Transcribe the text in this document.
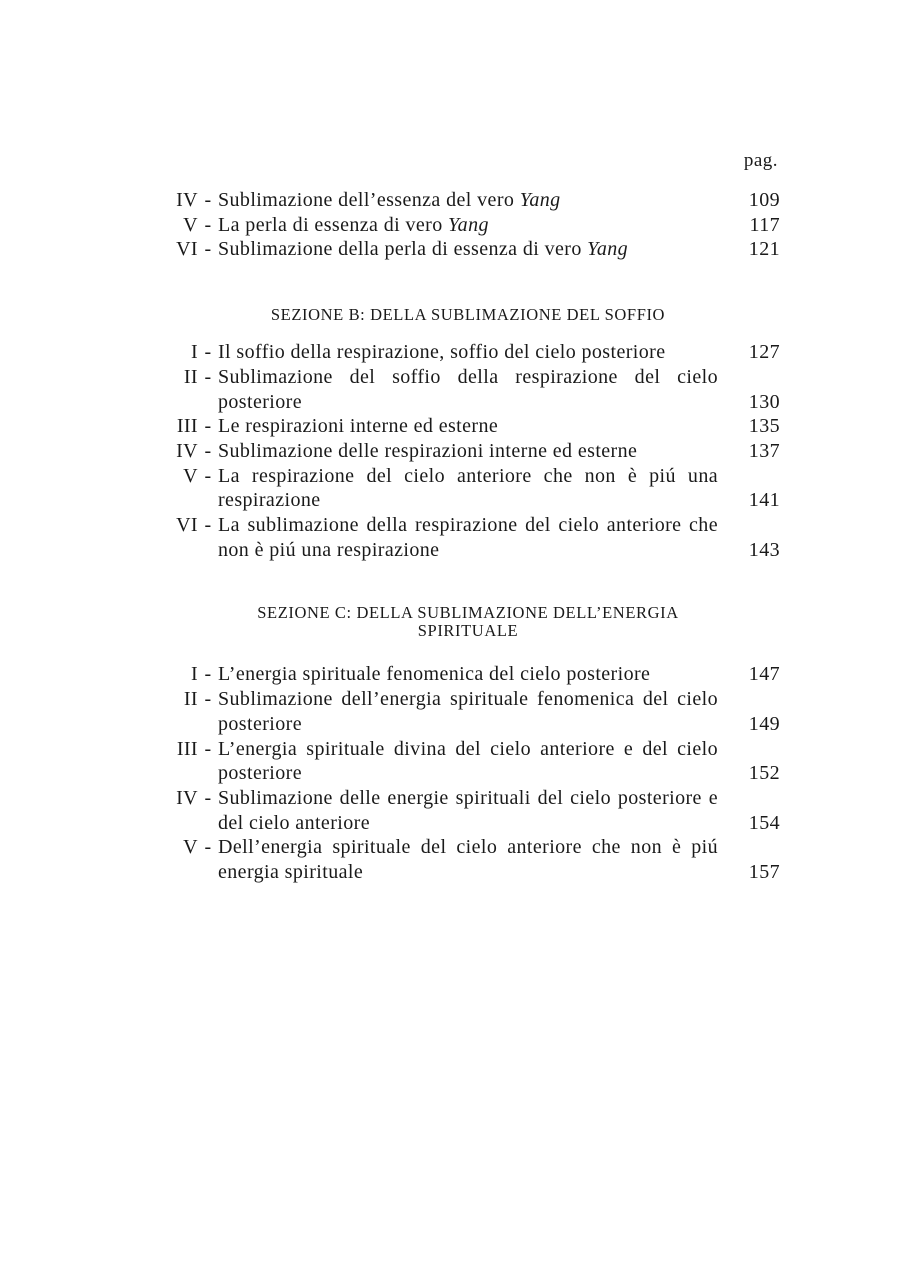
pag.
IV - Sublimazione dell’essenza del vero Yang	109
V - La perla di essenza di vero Yang	117
VI - Sublimazione della perla di essenza di vero Yang	121
SEZIONE B: DELLA SUBLIMAZIONE DEL SOFFIO
I - Il soffio della respirazione, soffio del cielo posteriore	127
II - Sublimazione del soffio della respirazione del cielo posteriore	130
III - Le respirazioni interne ed esterne	135
IV - Sublimazione delle respirazioni interne ed esterne	137
V - La respirazione del cielo anteriore che non è piú una respirazione	141
VI - La sublimazione della respirazione del cielo anteriore che non è piú una respirazione	143
SEZIONE C: DELLA SUBLIMAZIONE DELL’ENERGIA SPIRITUALE
I - L’energia spirituale fenomenica del cielo posteriore	147
II - Sublimazione dell’energia spirituale fenomenica del cielo posteriore	149
III - L’energia spirituale divina del cielo anteriore e del cielo posteriore	152
IV - Sublimazione delle energie spirituali del cielo posteriore e del cielo anteriore	154
V - Dell’energia spirituale del cielo anteriore che non è piú energia spirituale	157
